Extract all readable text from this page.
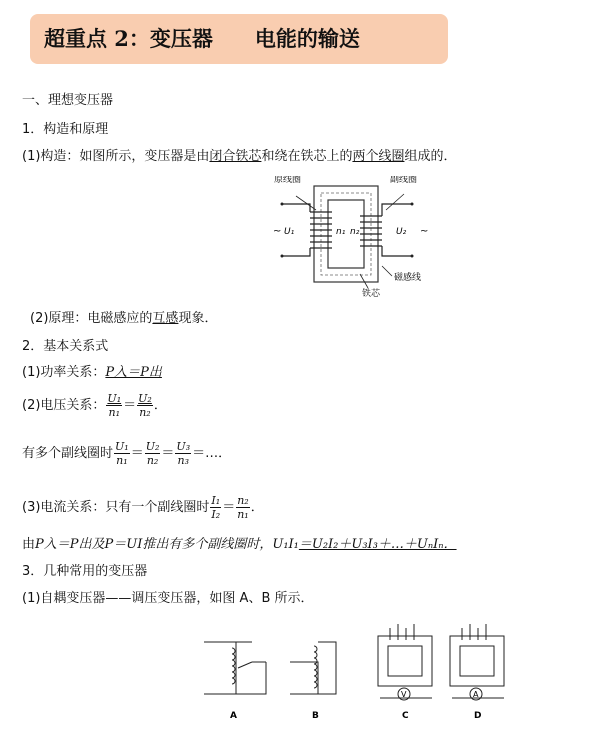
超重点 2：变压器　　电能的输送
一、理想变压器
1．构造和原理
(1)构造：如图所示，变压器是由闭合铁芯和绕在铁芯上的两个线圈组成的．
原线圈	副线圈
磁感线
铁芯
n₁ n₂
U₁	U₂
~	~
(2)原理：电磁感应的互感现象．
2．基本关系式
(1)功率关系：P入＝P出
(2)电压关系： $\frac{\text{U₁}}{\text{n₁}} = \frac{\text{U₂}}{\text{n₂}}$ ．
有多个副线圈时 $\frac{\text{U₁}}{\text{n₁}} = \frac{\text{U₂}}{\text{n₂}} = \frac{\text{U₃}}{\text{n₃}}$ ＝…．
(3)电流关系：只有一个副线圈时 $\frac{\text{I₁}}{\text{I₂}} = \frac{\text{n₂}}{\text{n₁}}$ ．
由P入＝P出及P＝UI推出有多个副线圈时，U₁I₁＝U₂I₂＋U₃I₃＋…＋UₙIₙ．
3．几种常用的变压器
(1)自耦变压器——调压变压器，如图 A、B 所示．
V	A
A	B	C	D
